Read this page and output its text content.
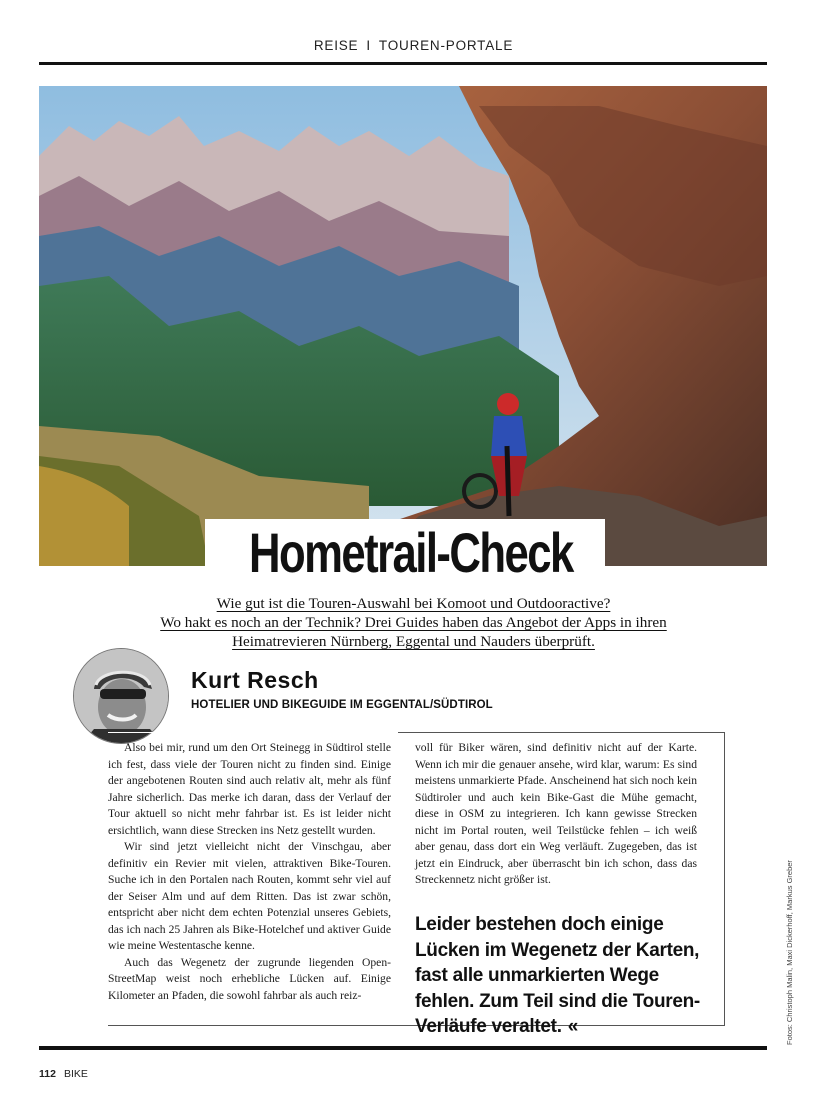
REISE I TOUREN-PORTALE
Hometrail-Check
Wie gut ist die Touren-Auswahl bei Komoot und Outdooractive?
Wo hakt es noch an der Technik? Drei Guides haben das Angebot der Apps in ihren
Heimatrevieren Nürnberg, Eggental und Nauders überprüft.
Kurt Resch
HOTELIER UND BIKEGUIDE IM EGGENTAL/SÜDTIROL

Also bei mir, rund um den Ort Steinegg in Südtirol stelle ich fest, dass viele der Touren nicht zu finden sind. Einige der angebotenen Routen sind auch relativ alt, mehr als fünf Jahre sicherlich. Das merke ich daran, dass der Verlauf der Tour aktuell so nicht mehr fahrbar ist. Es ist leider nicht ersichtlich, wann diese Strecken ins Netz gestellt wurden.

Wir sind jetzt vielleicht nicht der Vinschgau, aber definitiv ein Revier mit vielen, attraktiven Bike-Touren. Suche ich in den Portalen nach Routen, kommt sehr viel auf der Seiser Alm und auf dem Ritten. Das ist zwar schön, entspricht aber nicht dem echten Potenzial unseres Gebiets, das ich nach 25 Jahren als Bike-Hotelchef und aktiver Guide wie meine Westentasche kenne.

Auch das Wegenetz der zugrunde liegenden Open-StreetMap weist noch erhebliche Lücken auf. Einige Kilometer an Pfaden, die sowohl fahrbar als auch reiz-

voll für Biker wären, sind definitiv nicht auf der Karte. Wenn ich mir die genauer ansehe, wird klar, warum: Es sind meistens unmarkierte Pfade. Anscheinend hat sich noch kein Südtiroler und auch kein Bike-Gast die Mühe gemacht, diese in OSM zu integrieren. Ich kann gewisse Strecken nicht im Portal routen, weil Teilstücke fehlen – ich weiß aber genau, dass dort ein Weg verläuft. Zugegeben, das ist jetzt ein Eindruck, aber überrascht bin ich schon, dass das Streckennetz nicht größer ist.

Leider bestehen doch einige Lücken im Wegenetz der Karten, fast alle unmarkierten Wege fehlen. Zum Teil sind die Touren-Verläufe veraltet. «	Fotos: Christoph Malin, Maxi Dickerhoff, Markus Greber
112 BIKE
